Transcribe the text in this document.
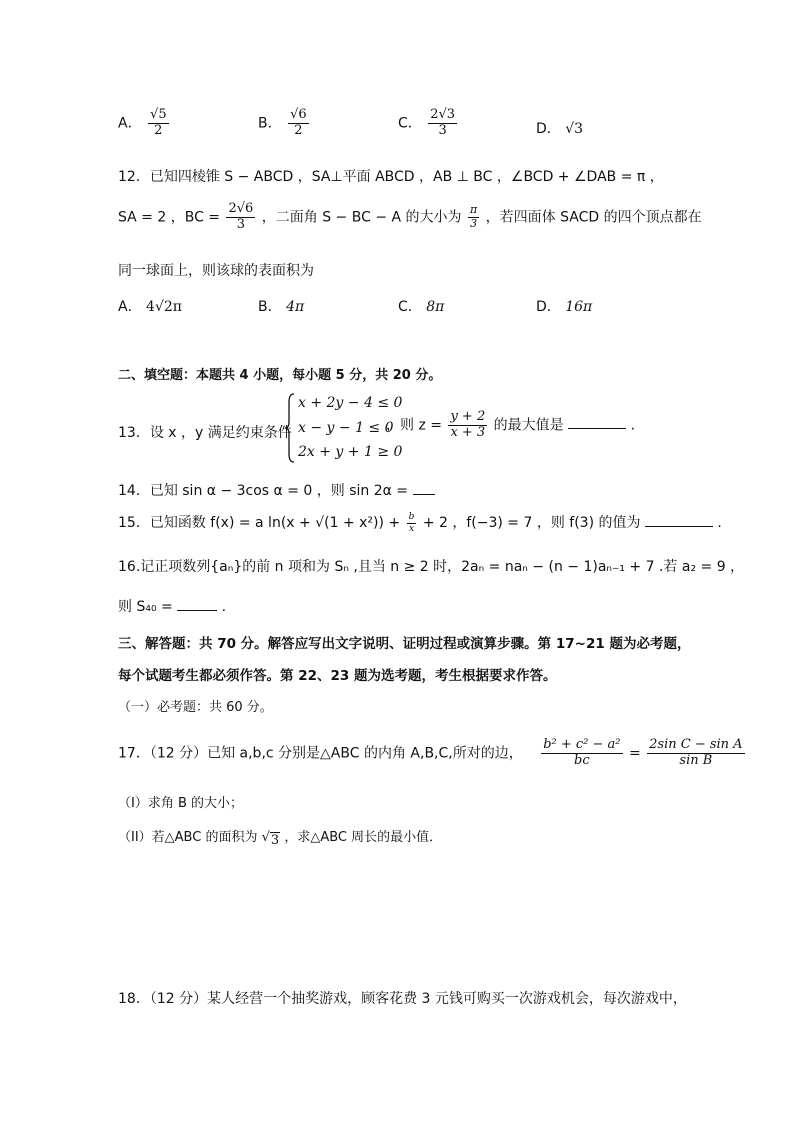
A． $\frac{√5}{2}$	B． $\frac{√6}{2}$	C． $\frac{2√3}{3}$	D． √3
12．已知四棱锥 S − ABCD ，SA⊥平面 ABCD ，AB ⊥ BC ，∠BCD + ∠DAB = π ，
SA = 2 ，BC = $\frac{2√6}{3}$ ，二面角 S − BC − A 的大小为 $\frac{\pi}{3}$ ，若四面体 SACD 的四个顶点都在
同一球面上，则该球的表面积为
A． 4√2π	B． 4π	C． 8π	D． 16π
二、填空题：本题共 4 小题，每小题 5 分，共 20 分。
13．设 x ，y 满足约束条件
x + 2y − 4 ≤ 0
x − y − 1 ≤ 0
2x + y + 1 ≥ 0
，则 $z = \frac{y + 2}{x + 3}$ 的最大值是	.
14．已知 sin α − 3cos α = 0 ，则 sin 2α =
15．已知函数 f(x) = a $\ln(x + √(1 + x^2)) + \frac{b}{x} + 2$ ，f(−3) = 7 ，则 f(3) 的值为	.
16.记正项数列{aₙ}的前 n 项和为 Sₙ ,且当 n ≥ 2 时，2aₙ = naₙ − (n − 1)aₙ₋₁ + 7 .若 a₂ = 9 ，
则 S₄₀ =	.
三、解答题：共 70 分。解答应写出文字说明、证明过程或演算步骤。第 17~21 题为必考题，
每个试题考生都必须作答。第 22、23 题为选考题，考生根据要求作答。
（一）必考题：共 60 分。
17．（12 分）已知 a,b,c 分别是△ABC 的内角 A,B,C,所对的边， $\frac{\text{b² + c² − a²}}{bc} = \frac{\text{2sin C − sin A}}{\text{sin B}}$
（I）求角 B 的大小；
（II）若△ABC 的面积为 √ 3 ，求△ABC 周长的最小值．
18．（12 分）某人经营一个抽奖游戏，顾客花费 3 元钱可购买一次游戏机会，每次游戏中，
